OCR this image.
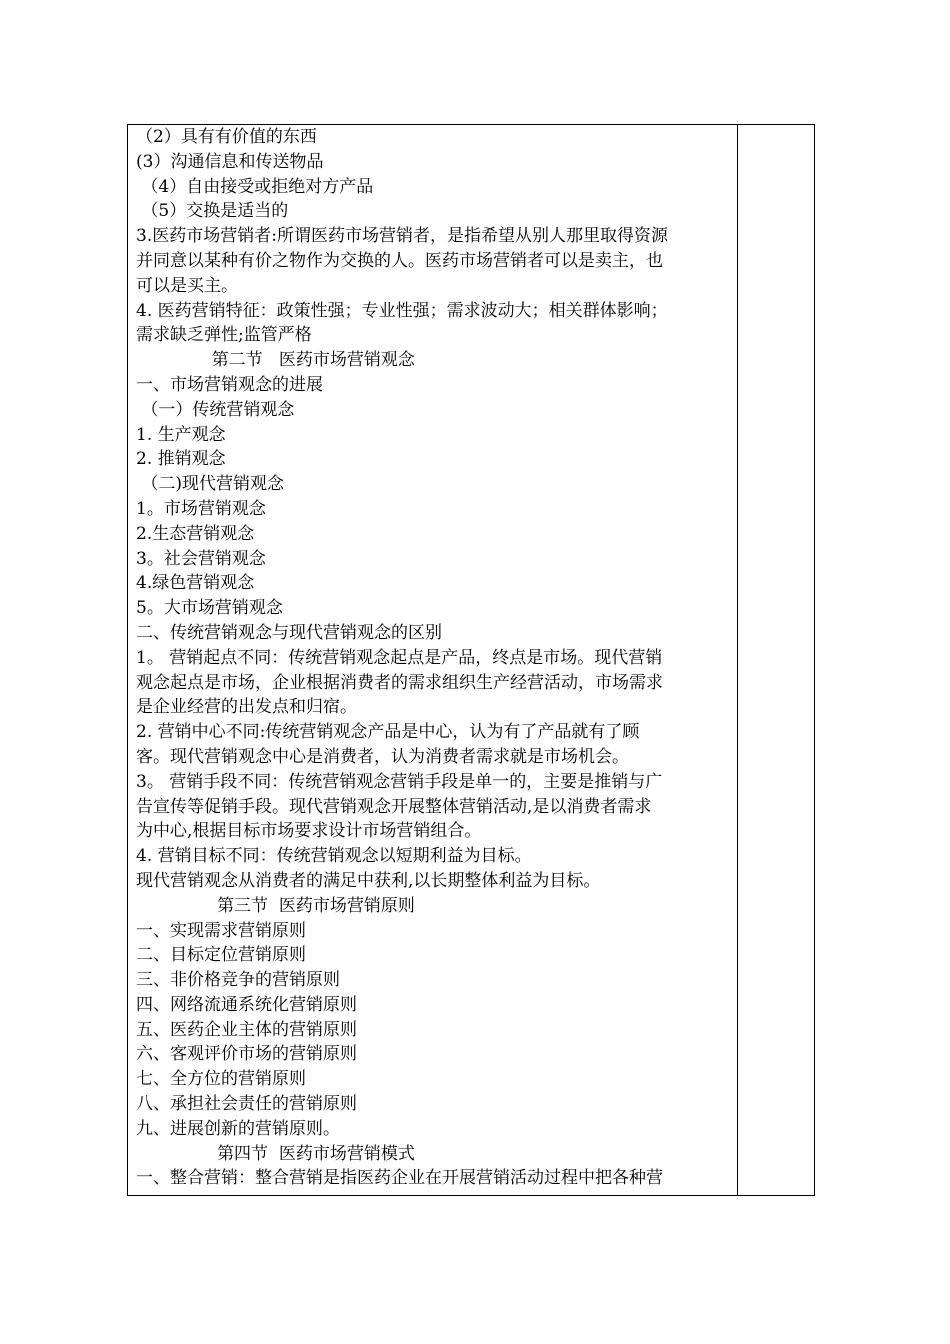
（2）具有有价值的东西
(3）沟通信息和传送物品
（4）自由接受或拒绝对方产品
（5）交换是适当的
3.医药市场营销者:所谓医药市场营销者，是指希望从别人那里取得资源
并同意以某种有价之物作为交换的人。医药市场营销者可以是卖主，也
可以是买主。
4. 医药营销特征：政策性强；专业性强；需求波动大；相关群体影响；
需求缺乏弹性;监管严格
第二节   医药市场营销观念
一、市场营销观念的进展
（一）传统营销观念
1. 生产观念
2. 推销观念
（二)现代营销观念
1。市场营销观念
2.生态营销观念
3。社会营销观念
4.绿色营销观念
5。大市场营销观念
二、传统营销观念与现代营销观念的区别
1。 营销起点不同：传统营销观念起点是产品，终点是市场。现代营销
观念起点是市场，企业根据消费者的需求组织生产经营活动，市场需求
是企业经营的出发点和归宿。
2. 营销中心不同:传统营销观念产品是中心，认为有了产品就有了顾
客。现代营销观念中心是消费者，认为消费者需求就是市场机会。
3。 营销手段不同：传统营销观念营销手段是单一的，主要是推销与广
告宣传等促销手段。现代营销观念开展整体营销活动,是以消费者需求
为中心,根据目标市场要求设计市场营销组合。
4. 营销目标不同：传统营销观念以短期利益为目标。
现代营销观念从消费者的满足中获利,以长期整体利益为目标。
第三节  医药市场营销原则
一、实现需求营销原则
二、目标定位营销原则
三、非价格竞争的营销原则
四、网络流通系统化营销原则
五、医药企业主体的营销原则
六、客观评价市场的营销原则
七、全方位的营销原则
八、承担社会责任的营销原则
九、进展创新的营销原则。
第四节  医药市场营销模式
一、整合营销：整合营销是指医药企业在开展营销活动过程中把各种营
